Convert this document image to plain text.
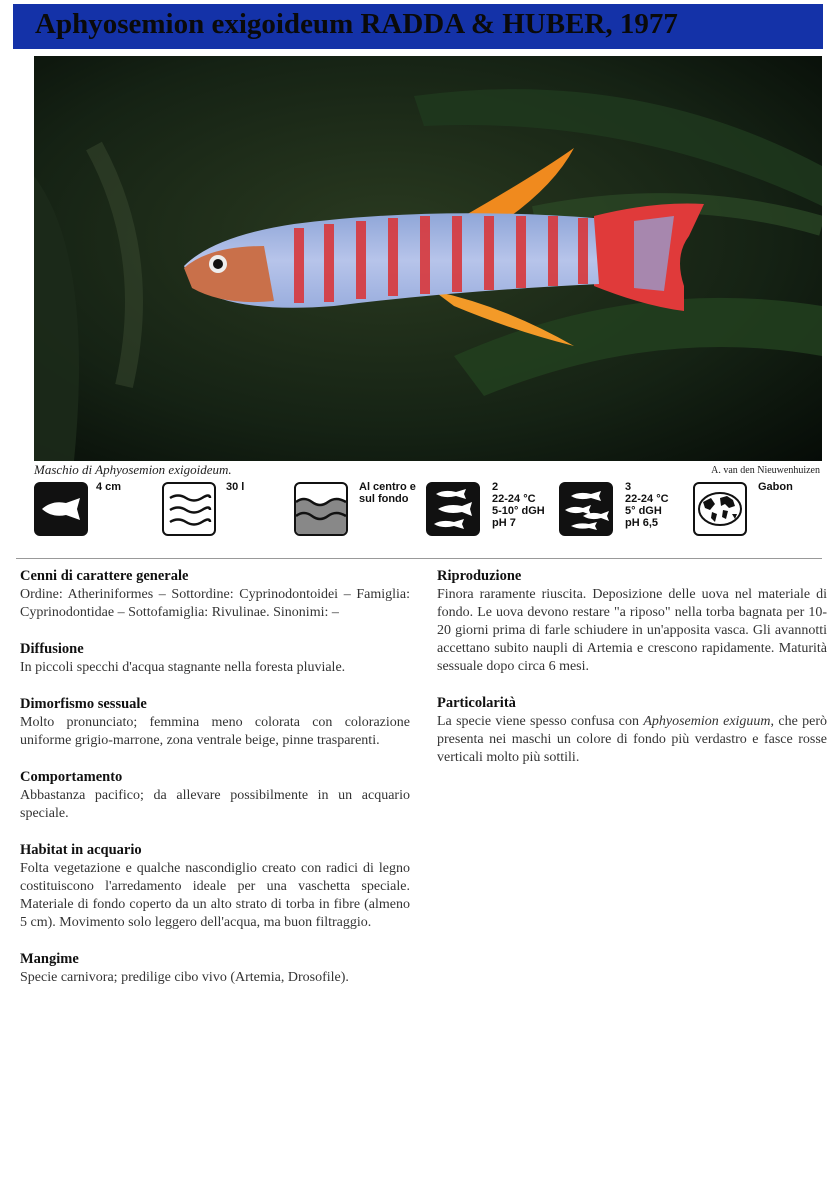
Aphyosemion exigoideum RADDA & HUBER, 1977
Maschio di Aphyosemion exigoideum.	A. van den Nieuwenhuizen
4 cm	30 l	Al centro e
sul fondo
2
22-24 °C
5-10° dGH
pH 7
3
22-24 °C
5° dGH
pH 6,5
Gabon
Cenni di carattere generale

Ordine: Atheriniformes – Sottordine: Cyprinodontoidei – Famiglia: Cyprinodontidae – Sottofamiglia: Rivulinae. Sinonimi: –

Diffusione

In piccoli specchi d'acqua stagnante nella foresta pluviale.

Dimorfismo sessuale

Molto pronunciato; femmina meno colorata con colorazione uniforme grigio-marrone, zona ventrale beige, pinne trasparenti.

Comportamento

Abbastanza pacifico; da allevare possibilmente in un acquario speciale.

Habitat in acquario

Folta vegetazione e qualche nascondiglio creato con radici di legno costituiscono l'arredamento ideale per una vaschetta speciale. Materiale di fondo coperto da un alto strato di torba in fibre (almeno 5 cm). Movimento solo leggero dell'acqua, ma buon filtraggio.

Mangime

Specie carnivora; predilige cibo vivo (Artemia, Drosofile).

Riproduzione

Finora raramente riuscita. Deposizione delle uova nel materiale di fondo. Le uova devono restare "a riposo" nella torba bagnata per 10-20 giorni prima di farle schiudere in un'apposita vasca. Gli avannotti accettano subito naupli di Artemia e crescono rapidamente. Maturità sessuale dopo circa 6 mesi.

Particolarità

La specie viene spesso confusa con Aphyosemion exiguum, che però presenta nei maschi un colore di fondo più verdastro e fasce rosse verticali molto più sottili.
